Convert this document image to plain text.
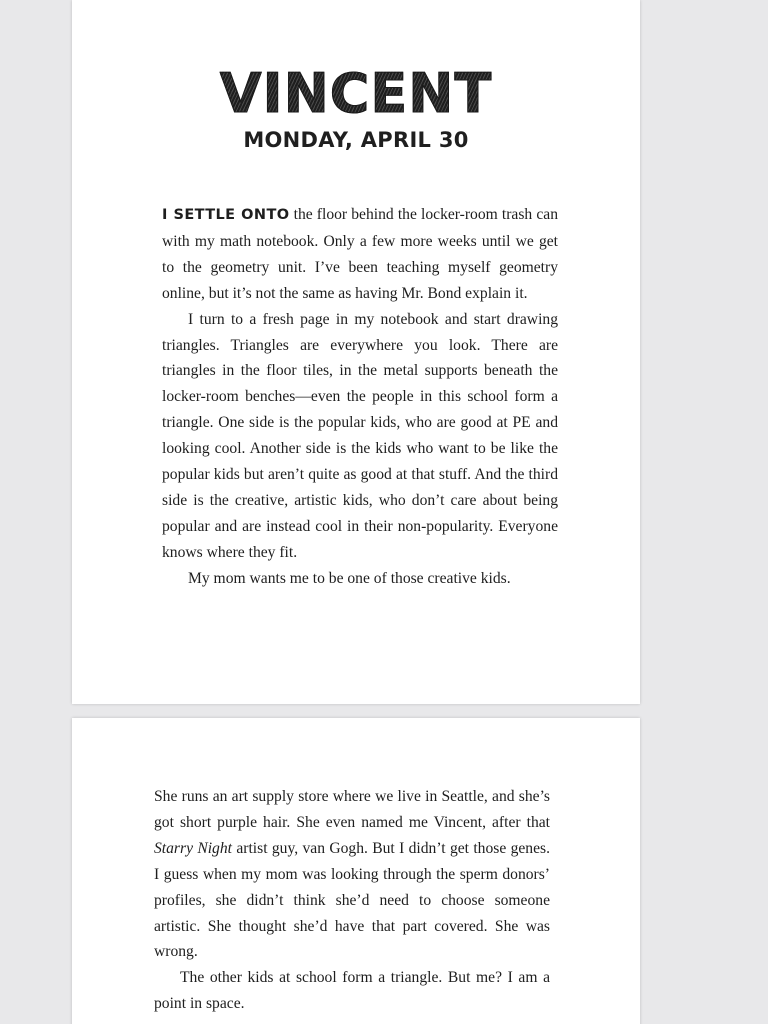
VINCENT
MONDAY, APRIL 30

I SETTLE ONTO the floor behind the locker-room trash can with my math notebook. Only a few more weeks until we get to the geometry unit. I’ve been teaching myself geometry online, but it’s not the same as having Mr. Bond explain it.

I turn to a fresh page in my notebook and start drawing triangles. Triangles are everywhere you look. There are triangles in the floor tiles, in the metal supports beneath the locker-room benches—even the people in this school form a triangle. One side is the popular kids, who are good at PE and looking cool. Another side is the kids who want to be like the popular kids but aren’t quite as good at that stuff. And the third side is the creative, artistic kids, who don’t care about being popular and are instead cool in their non-popularity. Everyone knows where they fit.

My mom wants me to be one of those creative kids.

She runs an art supply store where we live in Seattle, and she’s got short purple hair. She even named me Vincent, after that Starry Night artist guy, van Gogh. But I didn’t get those genes. I guess when my mom was looking through the sperm donors’ profiles, she didn’t think she’d need to choose someone artistic. She thought she’d have that part covered. She was wrong.

The other kids at school form a triangle. But me? I am a point in space.
